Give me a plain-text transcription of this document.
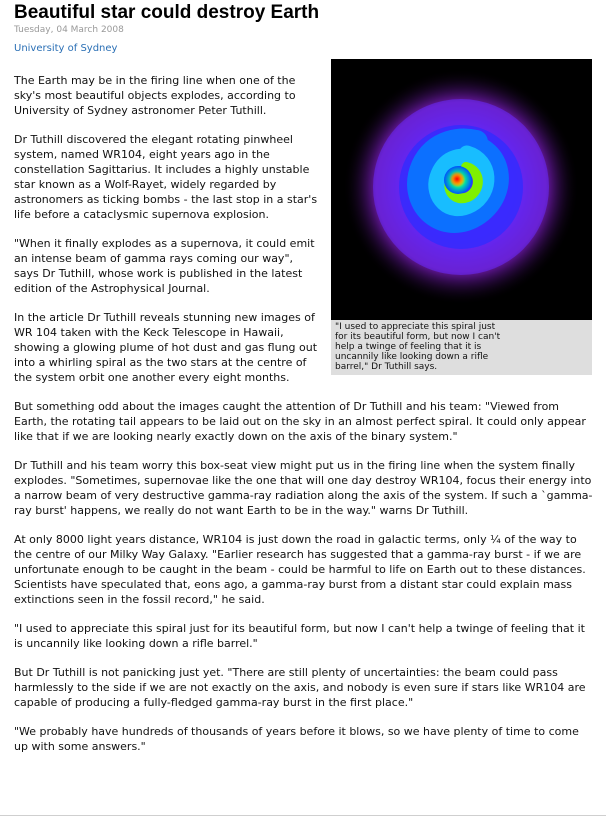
Beautiful star could destroy Earth
Tuesday, 04 March 2008
University of Sydney
"I used to appreciate this spiral just for its beautiful form, but now I can't help a twinge of feeling that it is uncannily like looking down a rifle barrel," Dr Tuthill says.

The Earth may be in the firing line when one of the sky's most beautiful objects explodes, according to University of Sydney astronomer Peter Tuthill.

Dr Tuthill discovered the elegant rotating pinwheel system, named WR104, eight years ago in the constellation Sagittarius. It includes a highly unstable star known as a Wolf-Rayet, widely regarded by astronomers as ticking bombs - the last stop in a star's life before a cataclysmic supernova explosion.

"When it finally explodes as a supernova, it could emit an intense beam of gamma rays coming our way", says Dr Tuthill, whose work is published in the latest edition of the Astrophysical Journal.

In the article Dr Tuthill reveals stunning new images of WR 104 taken with the Keck Telescope in Hawaii, showing a glowing plume of hot dust and gas flung out into a whirling spiral as the two stars at the centre of the system orbit one another every eight months.

But something odd about the images caught the attention of Dr Tuthill and his team: "Viewed from Earth, the rotating tail appears to be laid out on the sky in an almost perfect spiral. It could only appear like that if we are looking nearly exactly down on the axis of the binary system."

Dr Tuthill and his team worry this box-seat view might put us in the firing line when the system finally explodes. "Sometimes, supernovae like the one that will one day destroy WR104, focus their energy into a narrow beam of very destructive gamma-ray radiation along the axis of the system. If such a `gamma-ray burst' happens, we really do not want Earth to be in the way." warns Dr Tuthill.

At only 8000 light years distance, WR104 is just down the road in galactic terms, only ¼ of the way to the centre of our Milky Way Galaxy. "Earlier research has suggested that a gamma-ray burst - if we are unfortunate enough to be caught in the beam - could be harmful to life on Earth out to these distances. Scientists have speculated that, eons ago, a gamma-ray burst from a distant star could explain mass extinctions seen in the fossil record," he said.

"I used to appreciate this spiral just for its beautiful form, but now I can't help a twinge of feeling that it is uncannily like looking down a rifle barrel."

But Dr Tuthill is not panicking just yet. "There are still plenty of uncertainties: the beam could pass harmlessly to the side if we are not exactly on the axis, and nobody is even sure if stars like WR104 are capable of producing a fully-fledged gamma-ray burst in the first place."

"We probably have hundreds of thousands of years before it blows, so we have plenty of time to come up with some answers."
